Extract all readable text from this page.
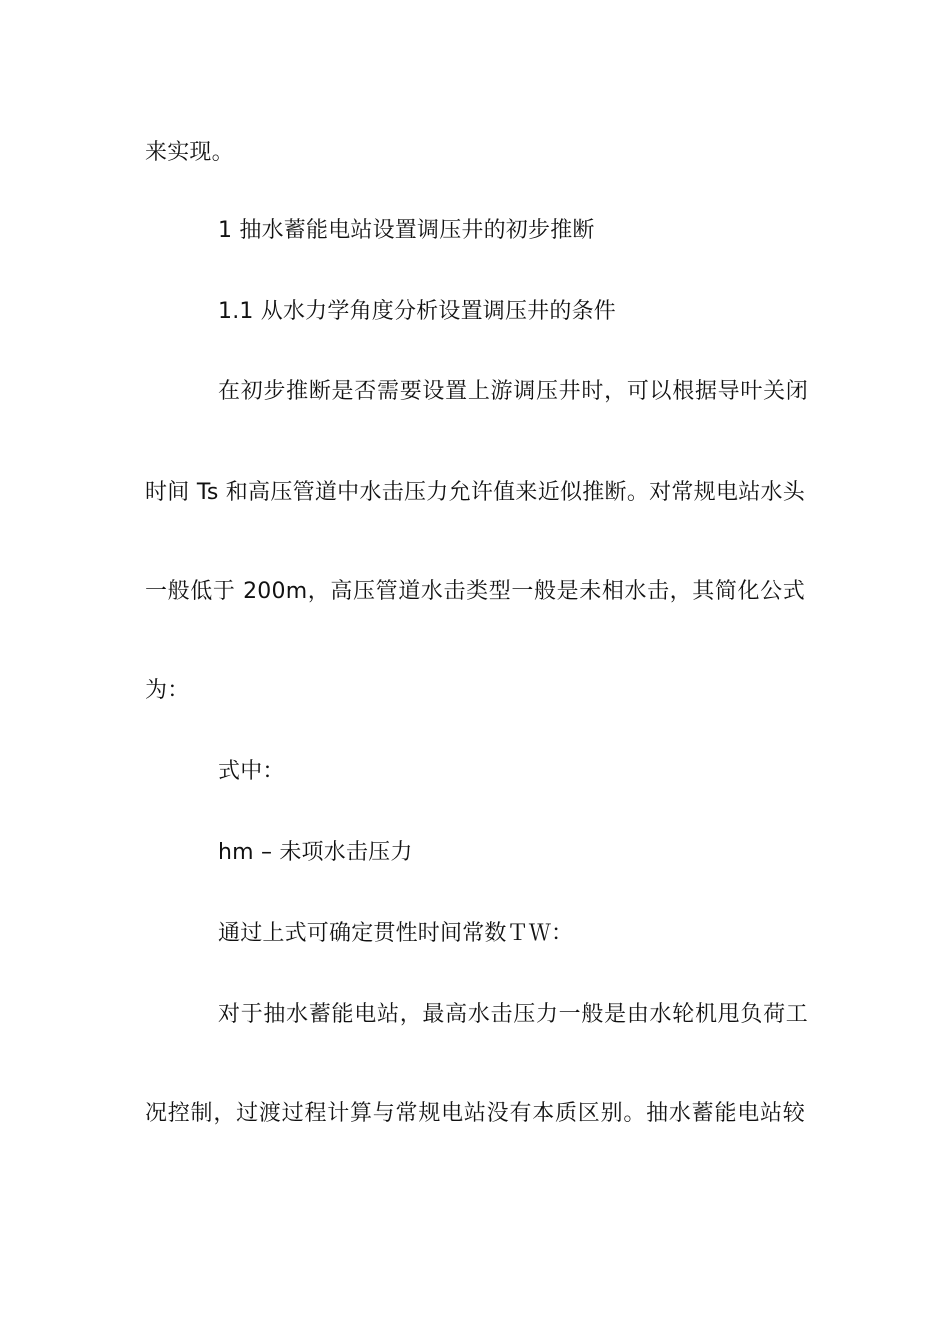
来实现。
1 抽水蓄能电站设置调压井的初步推断
1.1 从水力学角度分析设置调压井的条件
在初步推断是否需要设置上游调压井时，可以根据导叶关闭
时间 Ts 和高压管道中水击压力允许值来近似推断。对常规电站水头
一般低于 200m，高压管道水击类型一般是未相水击，其简化公式
为：
式中：
hm – 未项水击压力
通过上式可确定贯性时间常数ＴＷ：
对于抽水蓄能电站，最高水击压力一般是由水轮机甩负荷工
况控制，过渡过程计算与常规电站没有本质区别。抽水蓄能电站较
